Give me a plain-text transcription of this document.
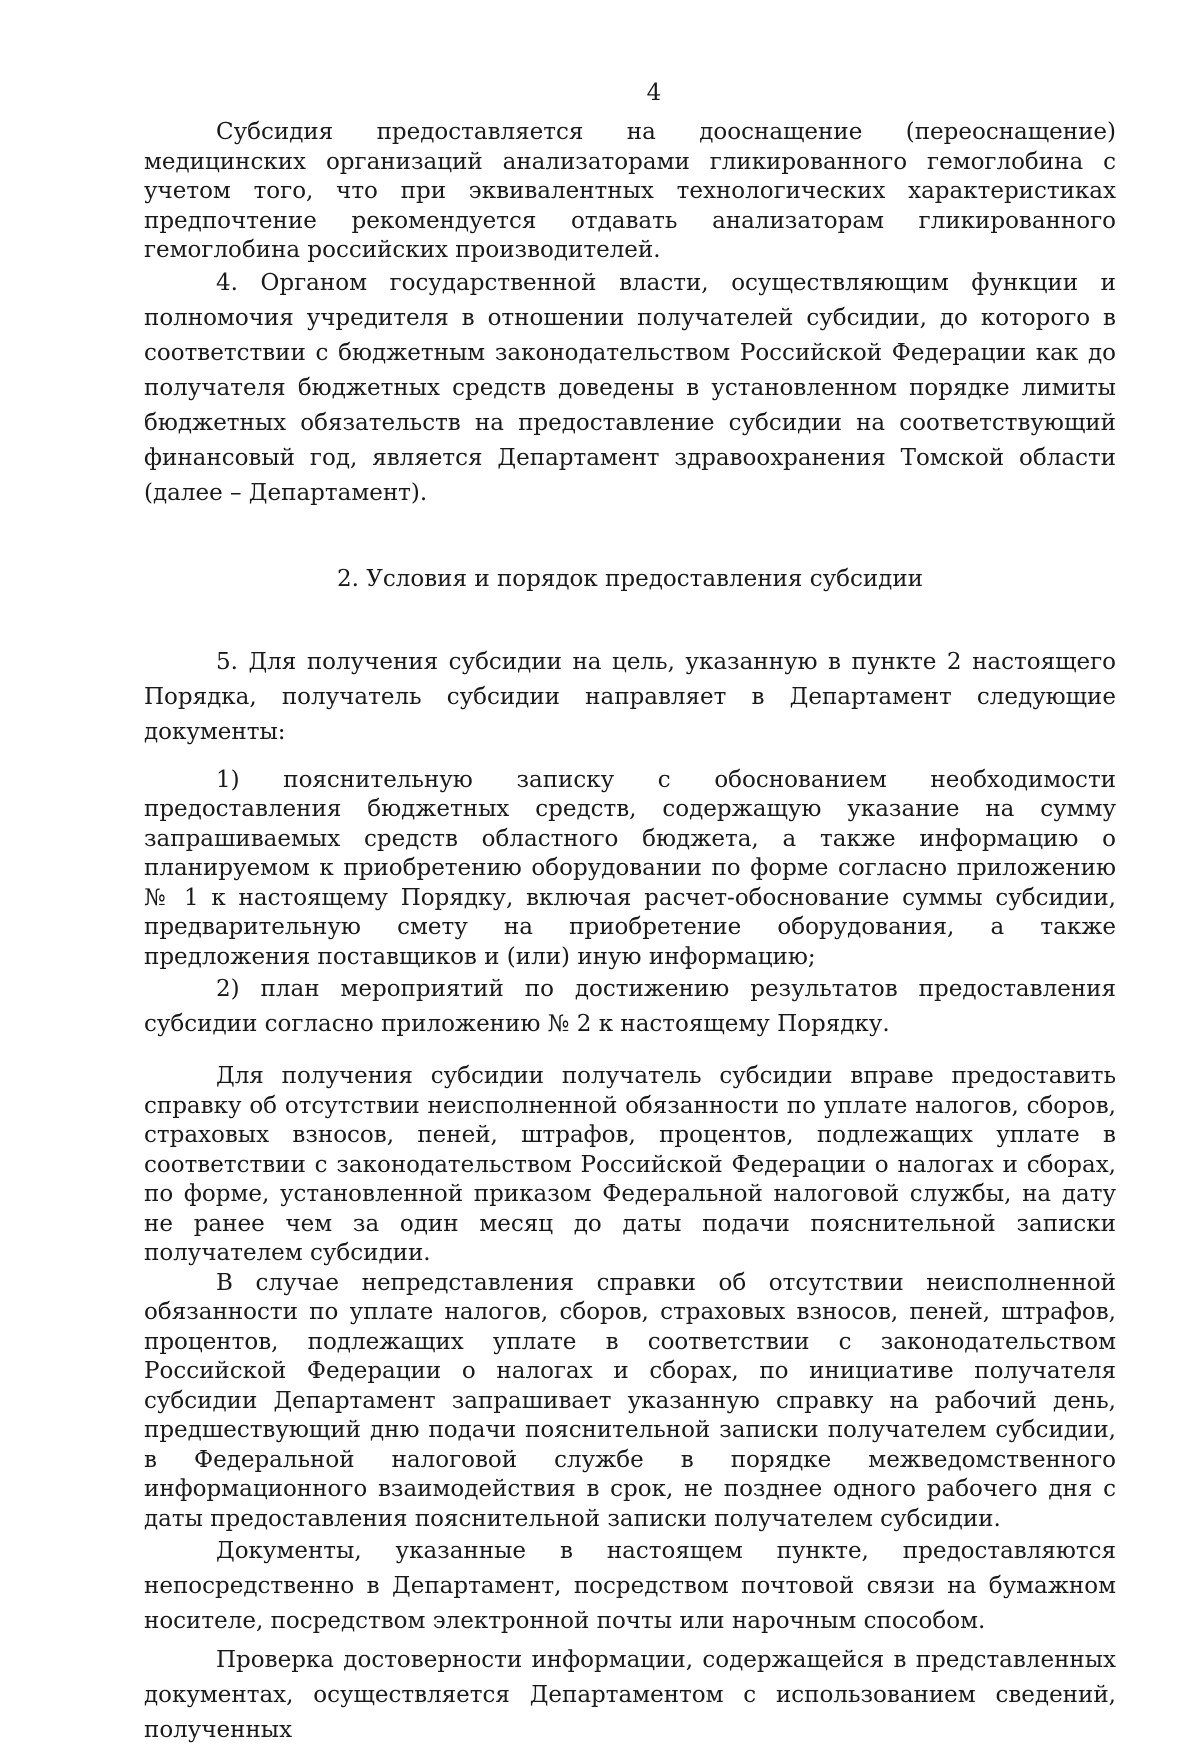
4

Субсидия предоставляется на дооснащение (переоснащение) медицинских организаций анализаторами гликированного гемоглобина с учетом того, что при эквивалентных технологических характеристиках предпочтение рекомендуется отдавать анализаторам гликированного гемоглобина российских производителей.

4. Органом государственной власти, осуществляющим функции и полномочия учредителя в отношении получателей субсидии, до которого в соответствии с бюджетным законодательством Российской Федерации как до получателя бюджетных средств доведены в установленном порядке лимиты бюджетных обязательств на предоставление субсидии на соответствующий финансовый год, является Департамент здравоохранения Томской области (далее – Департамент).

2. Условия и порядок предоставления субсидии

5. Для получения субсидии на цель, указанную в пункте 2 настоящего Порядка, получатель субсидии направляет в Департамент следующие документы:

1) пояснительную записку с обоснованием необходимости предоставления бюджетных средств, содержащую указание на сумму запрашиваемых средств областного бюджета, а также информацию о планируемом к приобретению оборудовании по форме согласно приложению № 1 к настоящему Порядку, включая расчет-обоснование суммы субсидии, предварительную смету на приобретение оборудования, а также предложения поставщиков и (или) иную информацию;

2) план мероприятий по достижению результатов предоставления субсидии согласно приложению № 2 к настоящему Порядку.

Для получения субсидии получатель субсидии вправе предоставить справку об отсутствии неисполненной обязанности по уплате налогов, сборов, страховых взносов, пеней, штрафов, процентов, подлежащих уплате в соответствии с законодательством Российской Федерации о налогах и сборах, по форме, установленной приказом Федеральной налоговой службы, на дату не ранее чем за один месяц до даты подачи пояснительной записки получателем субсидии.

В случае непредставления справки об отсутствии неисполненной обязанности по уплате налогов, сборов, страховых взносов, пеней, штрафов, процентов, подлежащих уплате в соответствии с законодательством Российской Федерации о налогах и сборах, по инициативе получателя субсидии Департамент запрашивает указанную справку на рабочий день, предшествующий дню подачи пояснительной записки получателем субсидии, в Федеральной налоговой службе в порядке межведомственного информационного взаимодействия в срок, не позднее одного рабочего дня с даты предоставления пояснительной записки получателем субсидии.

Документы, указанные в настоящем пункте, предоставляются непосредственно в Департамент, посредством почтовой связи на бумажном носителе, посредством электронной почты или нарочным способом.

Проверка достоверности информации, содержащейся в представленных документах, осуществляется Департаментом с использованием сведений, полученных
